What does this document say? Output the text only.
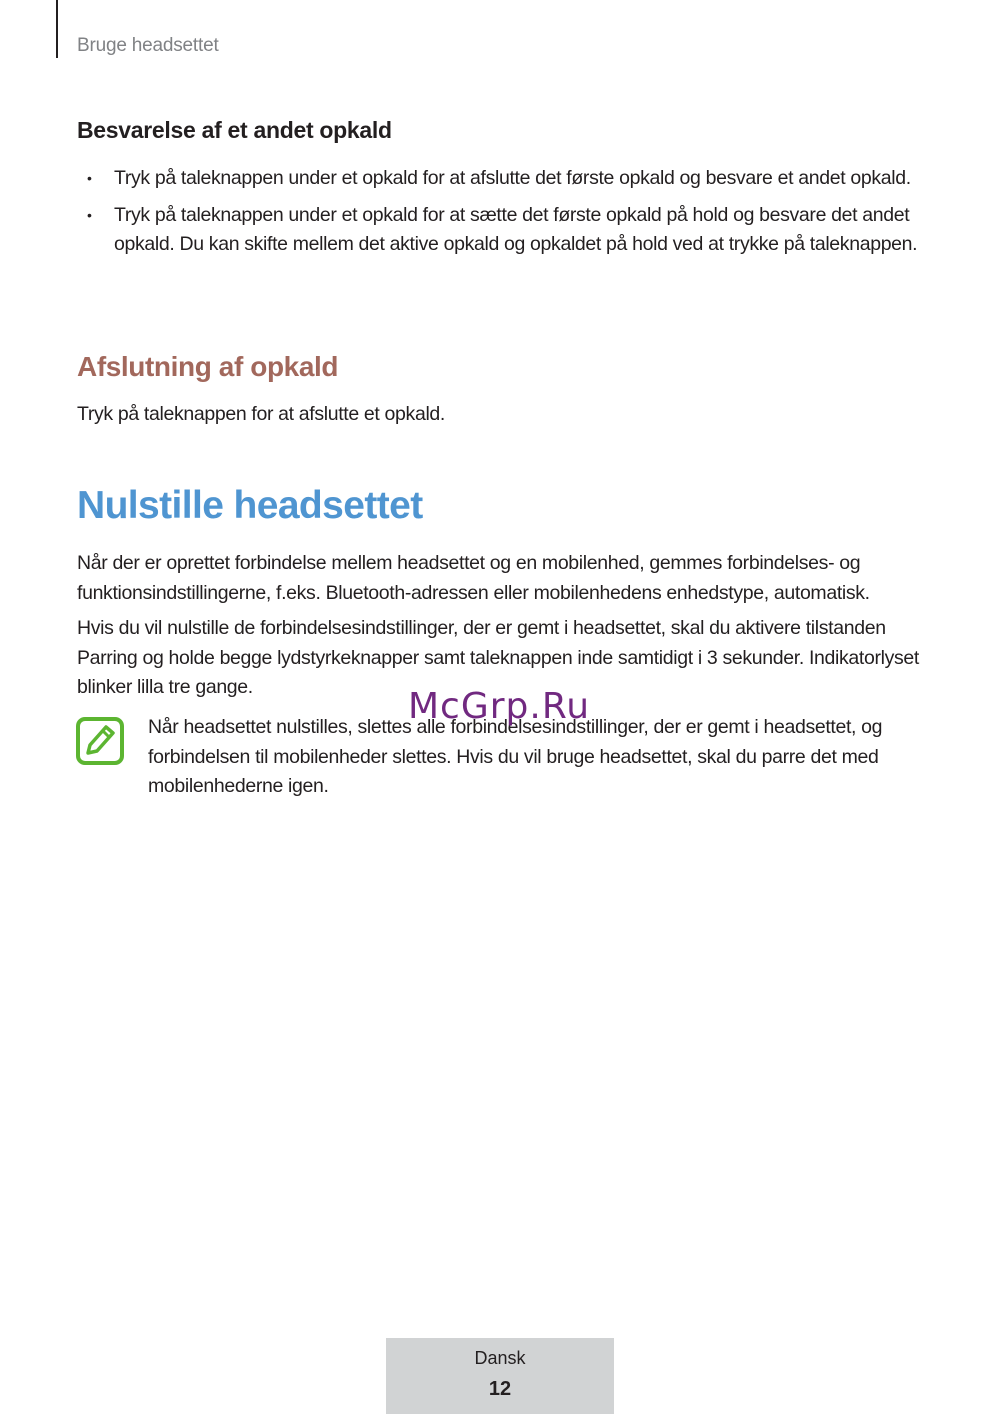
Bruge headsettet
Besvarelse af et andet opkald
• Tryk på taleknappen under et opkald for at afslutte det første opkald og besvare et andet opkald.
• Tryk på taleknappen under et opkald for at sætte det første opkald på hold og besvare det andet opkald. Du kan skifte mellem det aktive opkald og opkaldet på hold ved at trykke på taleknappen.
Afslutning af opkald
Tryk på taleknappen for at afslutte et opkald.
Nulstille headsettet

Når der er oprettet forbindelse mellem headsettet og en mobilenhed, gemmes forbindelses- og funktionsindstillingerne, f.eks. Bluetooth-adressen eller mobilenhedens enhedstype, automatisk.

Hvis du vil nulstille de forbindelsesindstillinger, der er gemt i headsettet, skal du aktivere tilstanden Parring og holde begge lydstyrkeknapper samt taleknappen inde samtidigt i 3 sekunder. Indikatorlyset blinker lilla tre gange.

Når headsettet nulstilles, slettes alle forbindelsesindstillinger, der er gemt i headsettet, og forbindelsen til mobilenheder slettes. Hvis du vil bruge headsettet, skal du parre det med mobilenhederne igen.

McGrp.Ru
Dansk
12
